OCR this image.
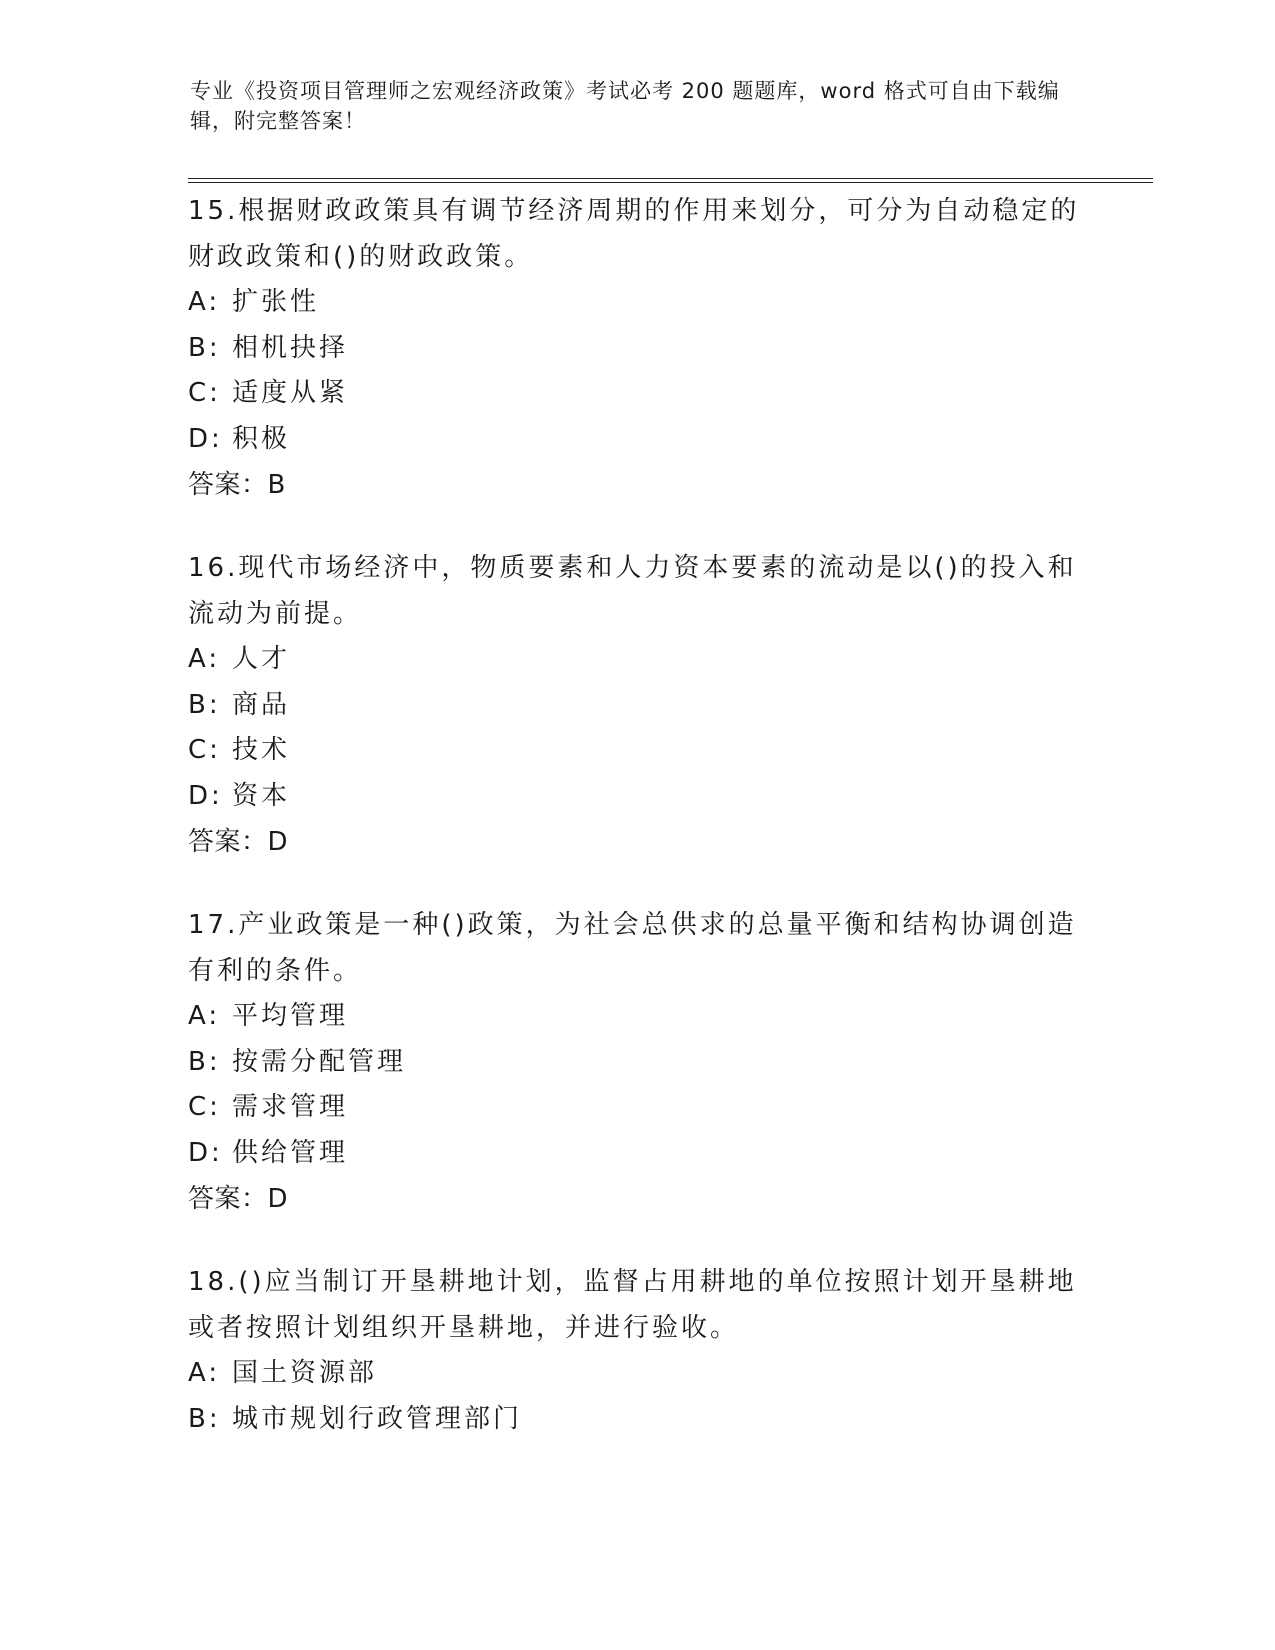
专业《投资项目管理师之宏观经济政策》考试必考 200 题题库，word 格式可自由下载编辑，附完整答案！

15.根据财政政策具有调节经济周期的作用来划分，可分为自动稳定的财政政策和()的财政政策。

A: 扩张性

B: 相机抉择

C: 适度从紧

D: 积极

答案：B

16.现代市场经济中，物质要素和人力资本要素的流动是以()的投入和流动为前提。

A: 人才

B: 商品

C: 技术

D: 资本

答案：D

17.产业政策是一种()政策，为社会总供求的总量平衡和结构协调创造有利的条件。

A: 平均管理

B: 按需分配管理

C: 需求管理

D: 供给管理

答案：D

18.()应当制订开垦耕地计划，监督占用耕地的单位按照计划开垦耕地或者按照计划组织开垦耕地，并进行验收。

A: 国土资源部

B: 城市规划行政管理部门
